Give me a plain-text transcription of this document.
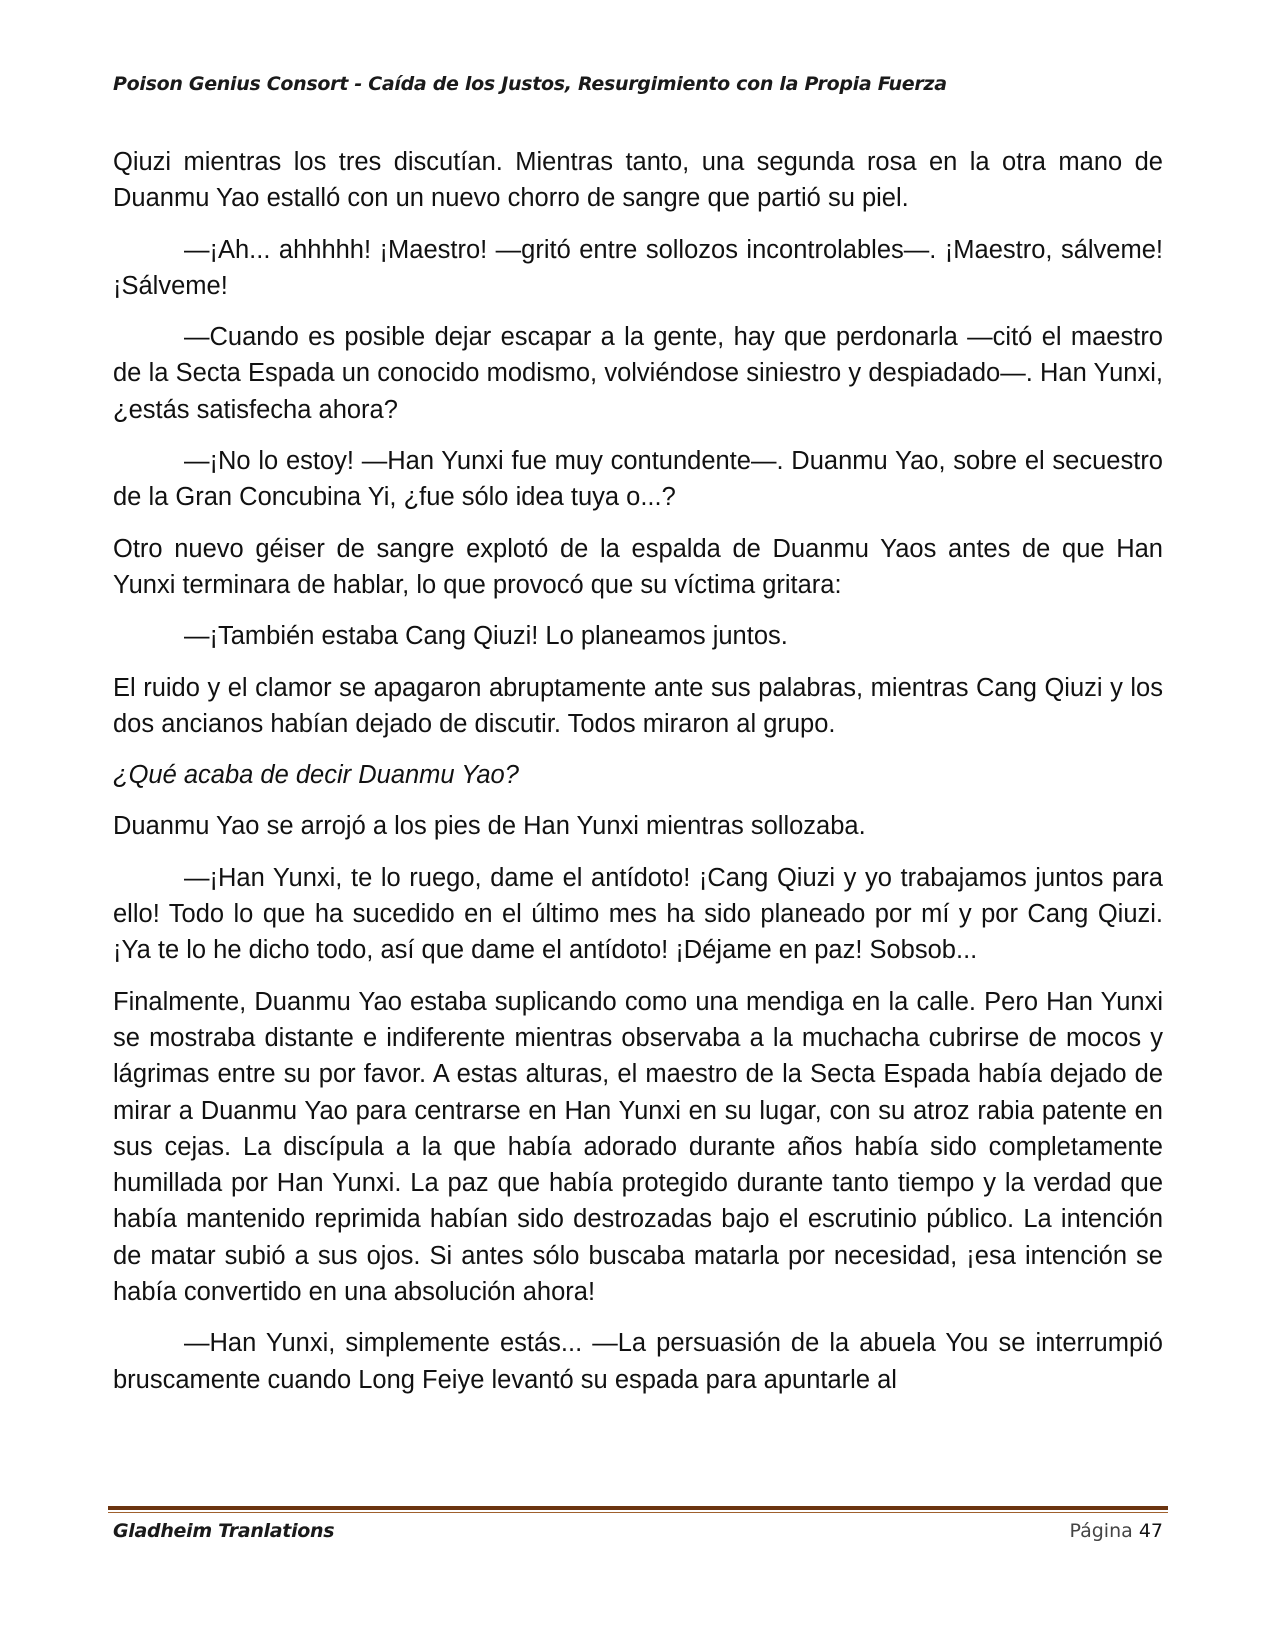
Poison Genius Consort - Caída de los Justos, Resurgimiento con la Propia Fuerza

Qiuzi mientras los tres discutían. Mientras tanto, una segunda rosa en la otra mano de Duanmu Yao estalló con un nuevo chorro de sangre que partió su piel.

—¡Ah... ahhhhh! ¡Maestro! —gritó entre sollozos incontrolables—. ¡Maestro, sálveme! ¡Sálveme!

—Cuando es posible dejar escapar a la gente, hay que perdonarla —citó el maestro de la Secta Espada un conocido modismo, volviéndose siniestro y despiadado—. Han Yunxi, ¿estás satisfecha ahora?

—¡No lo estoy! —Han Yunxi fue muy contundente—. Duanmu Yao, sobre el secuestro de la Gran Concubina Yi, ¿fue sólo idea tuya o...?

Otro nuevo géiser de sangre explotó de la espalda de Duanmu Yaos antes de que Han Yunxi terminara de hablar, lo que provocó que su víctima gritara:

—¡También estaba Cang Qiuzi! Lo planeamos juntos.

El ruido y el clamor se apagaron abruptamente ante sus palabras, mientras Cang Qiuzi y los dos ancianos habían dejado de discutir. Todos miraron al grupo.

¿Qué acaba de decir Duanmu Yao?

Duanmu Yao se arrojó a los pies de Han Yunxi mientras sollozaba.

—¡Han Yunxi, te lo ruego, dame el antídoto! ¡Cang Qiuzi y yo trabajamos juntos para ello! Todo lo que ha sucedido en el último mes ha sido planeado por mí y por Cang Qiuzi. ¡Ya te lo he dicho todo, así que dame el antídoto! ¡Déjame en paz! Sobsob...

Finalmente, Duanmu Yao estaba suplicando como una mendiga en la calle. Pero Han Yunxi se mostraba distante e indiferente mientras observaba a la muchacha cubrirse de mocos y lágrimas entre su por favor. A estas alturas, el maestro de la Secta Espada había dejado de mirar a Duanmu Yao para centrarse en Han Yunxi en su lugar, con su atroz rabia patente en sus cejas. La discípula a la que había adorado durante años había sido completamente humillada por Han Yunxi. La paz que había protegido durante tanto tiempo y la verdad que había mantenido reprimida habían sido destrozadas bajo el escrutinio público. La intención de matar subió a sus ojos. Si antes sólo buscaba matarla por necesidad, ¡esa intención se había convertido en una absolución ahora!

—Han Yunxi, simplemente estás... —La persuasión de la abuela You se interrumpió bruscamente cuando Long Feiye levantó su espada para apuntarle al

Gladheim Tranlations	Página 47
